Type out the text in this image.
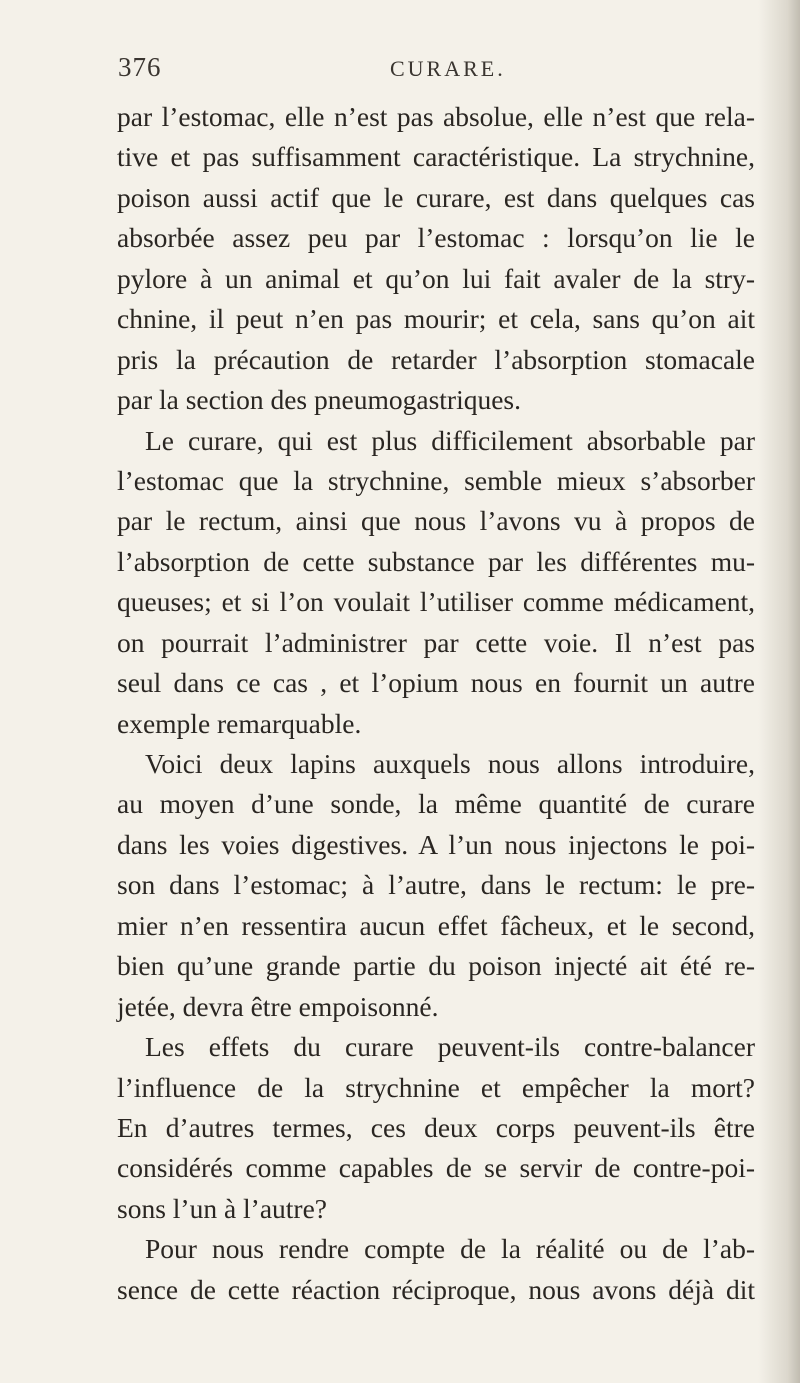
376	CURARE.
par l’estomac, elle n’est pas absolue, elle n’est que rela-
tive et pas suffisamment caractéristique. La strychnine,
poison aussi actif que le curare, est dans quelques cas
absorbée assez peu par l’estomac : lorsqu’on lie le
pylore à un animal et qu’on lui fait avaler de la stry-
chnine, il peut n’en pas mourir; et cela, sans qu’on ait
pris la précaution de retarder l’absorption stomacale
par la section des pneumogastriques.
Le curare, qui est plus difficilement absorbable par
l’estomac que la strychnine, semble mieux s’absorber
par le rectum, ainsi que nous l’avons vu à propos de
l’absorption de cette substance par les différentes mu-
queuses; et si l’on voulait l’utiliser comme médicament,
on pourrait l’administrer par cette voie. Il n’est pas
seul dans ce cas , et l’opium nous en fournit un autre
exemple remarquable.
Voici deux lapins auxquels nous allons introduire,
au moyen d’une sonde, la même quantité de curare
dans les voies digestives. A l’un nous injectons le poi-
son dans l’estomac; à l’autre, dans le rectum: le pre-
mier n’en ressentira aucun effet fâcheux, et le second,
bien qu’une grande partie du poison injecté ait été re-
jetée, devra être empoisonné.
Les effets du curare peuvent-ils contre-balancer
l’influence de la strychnine et empêcher la mort?
En d’autres termes, ces deux corps peuvent-ils être
considérés comme capables de se servir de contre-poi-
sons l’un à l’autre?
Pour nous rendre compte de la réalité ou de l’ab-
sence de cette réaction réciproque, nous avons déjà dit
